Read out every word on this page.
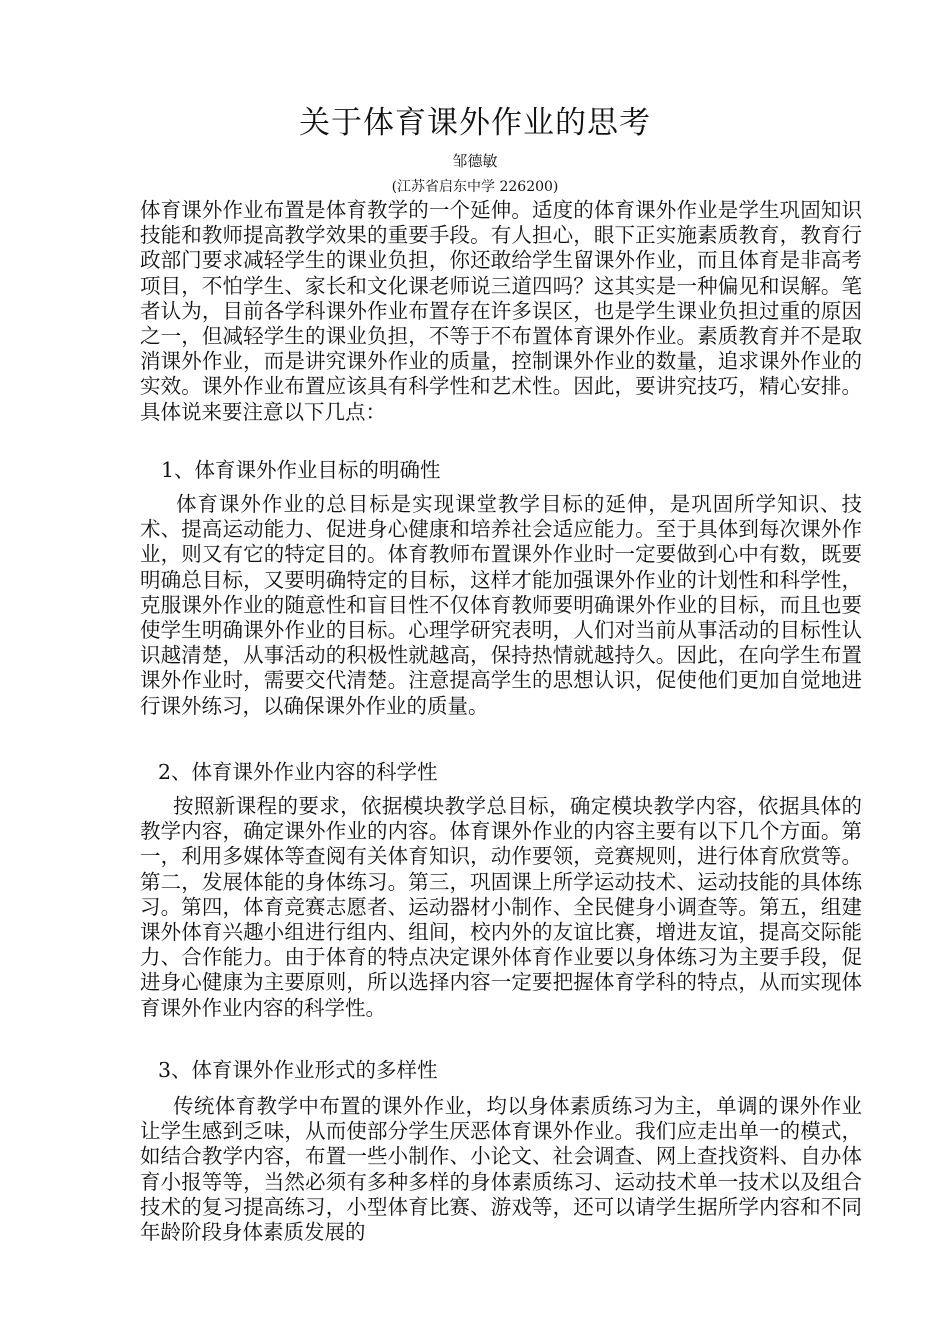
关于体育课外作业的思考
邹德敏
(江苏省启东中学 226200)

体育课外作业布置是体育教学的一个延伸。适度的体育课外作业是学生巩固知识技能和教师提高教学效果的重要手段。有人担心，眼下正实施素质教育，教育行政部门要求减轻学生的课业负担，你还敢给学生留课外作业，而且体育是非高考项目，不怕学生、家长和文化课老师说三道四吗？这其实是一种偏见和误解。笔者认为，目前各学科课外作业布置存在许多误区，也是学生课业负担过重的原因之一，但减轻学生的课业负担，不等于不布置体育课外作业。素质教育并不是取消课外作业，而是讲究课外作业的质量，控制课外作业的数量，追求课外作业的实效。课外作业布置应该具有科学性和艺术性。因此，要讲究技巧，精心安排。具体说来要注意以下几点：

1、体育课外作业目标的明确性

体育课外作业的总目标是实现课堂教学目标的延伸，是巩固所学知识、技术、提高运动能力、促进身心健康和培养社会适应能力。至于具体到每次课外作业，则又有它的特定目的。体育教师布置课外作业时一定要做到心中有数，既要明确总目标，又要明确特定的目标，这样才能加强课外作业的计划性和科学性，克服课外作业的随意性和盲目性不仅体育教师要明确课外作业的目标，而且也要使学生明确课外作业的目标。心理学研究表明，人们对当前从事活动的目标性认识越清楚，从事活动的积极性就越高，保持热情就越持久。因此，在向学生布置课外作业时，需要交代清楚。注意提高学生的思想认识，促使他们更加自觉地进行课外练习，以确保课外作业的质量。

2、体育课外作业内容的科学性

按照新课程的要求，依据模块教学总目标，确定模块教学内容，依据具体的教学内容，确定课外作业的内容。体育课外作业的内容主要有以下几个方面。第一，利用多媒体等查阅有关体育知识，动作要领，竞赛规则，进行体育欣赏等。第二，发展体能的身体练习。第三，巩固课上所学运动技术、运动技能的具体练习。第四，体育竞赛志愿者、运动器材小制作、全民健身小调查等。第五，组建课外体育兴趣小组进行组内、组间，校内外的友谊比赛，增进友谊，提高交际能力、合作能力。由于体育的特点决定课外体育作业要以身体练习为主要手段，促进身心健康为主要原则，所以选择内容一定要把握体育学科的特点，从而实现体育课外作业内容的科学性。

3、体育课外作业形式的多样性

传统体育教学中布置的课外作业，均以身体素质练习为主，单调的课外作业让学生感到乏味，从而使部分学生厌恶体育课外作业。我们应走出单一的模式，如结合教学内容，布置一些小制作、小论文、社会调查、网上查找资料、自办体育小报等等，当然必须有多种多样的身体素质练习、运动技术单一技术以及组合技术的复习提高练习，小型体育比赛、游戏等，还可以请学生据所学内容和不同年龄阶段身体素质发展的
